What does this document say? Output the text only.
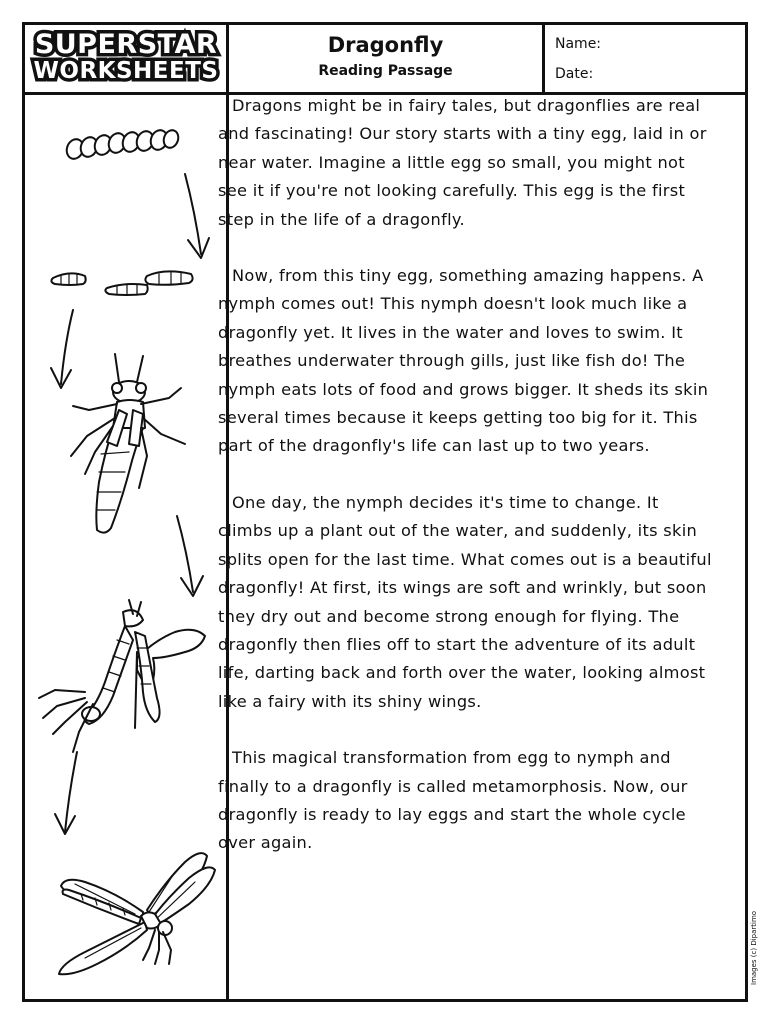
SUPERSTAR
WORKSHEETS
Dragonfly
Reading Passage
Name:
Date:

Dragons might be in fairy tales, but dragonflies are real and fascinating! Our story starts with a tiny egg, laid in or near water. Imagine a little egg so small, you might not see it if you're not looking carefully. This egg is the first step in the life of a dragonfly.

Now, from this tiny egg, something amazing happens. A nymph comes out! This nymph doesn't look much like a dragonfly yet. It lives in the water and loves to swim. It breathes underwater through gills, just like fish do! The nymph eats lots of food and grows bigger. It sheds its skin several times because it keeps getting too big for it. This part of the dragonfly's life can last up to two years.

One day, the nymph decides it's time to change. It climbs up a plant out of the water, and suddenly, its skin splits open for the last time. What comes out is a beautiful dragonfly! At first, its wings are soft and wrinkly, but soon they dry out and become strong enough for flying. The dragonfly then flies off to start the adventure of its adult life, darting back and forth over the water, looking almost like a fairy with its shiny wings.

This magical transformation from egg to nymph and finally to a dragonfly is called metamorphosis. Now, our dragonfly is ready to lay eggs and start the whole cycle over again.

Images (c) Dipartimo
